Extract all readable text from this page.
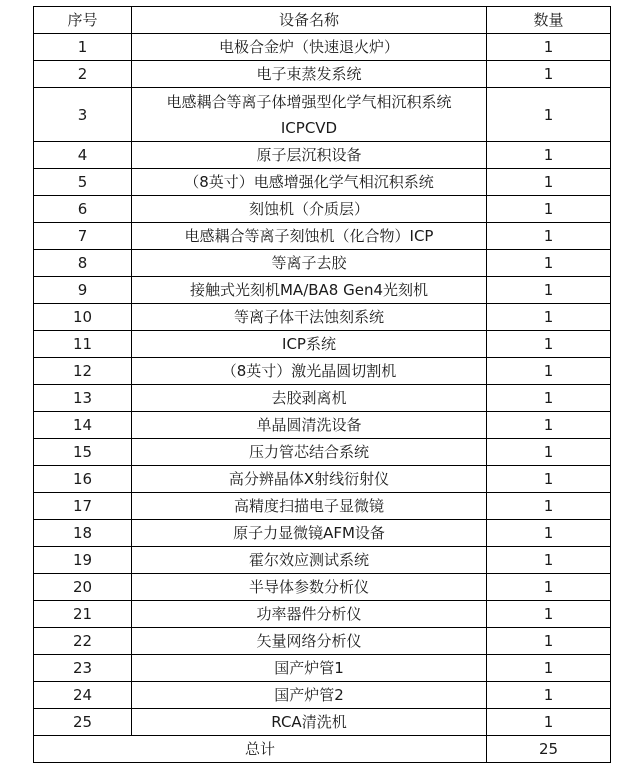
序号	设备名称	数量
1	电极合金炉（快速退火炉）	1
2	电子束蒸发系统	1
3	电感耦合等离子体增强型化学气相沉积系统 ICPCVD	1
4	原子层沉积设备	1
5	（8英寸）电感增强化学气相沉积系统	1
6	刻蚀机（介质层）	1
7	电感耦合等离子刻蚀机（化合物）ICP	1
8	等离子去胶	1
9	接触式光刻机MA/BA8 Gen4光刻机	1
10	等离子体干法蚀刻系统	1
11	ICP系统	1
12	（8英寸）激光晶圆切割机	1
13	去胶剥离机	1
14	单晶圆清洗设备	1
15	压力管芯结合系统	1
16	高分辨晶体X射线衍射仪	1
17	高精度扫描电子显微镜	1
18	原子力显微镜AFM设备	1
19	霍尔效应测试系统	1
20	半导体参数分析仪	1
21	功率器件分析仪	1
22	矢量网络分析仪	1
23	国产炉管1	1
24	国产炉管2	1
25	RCA清洗机	1
总计		25
